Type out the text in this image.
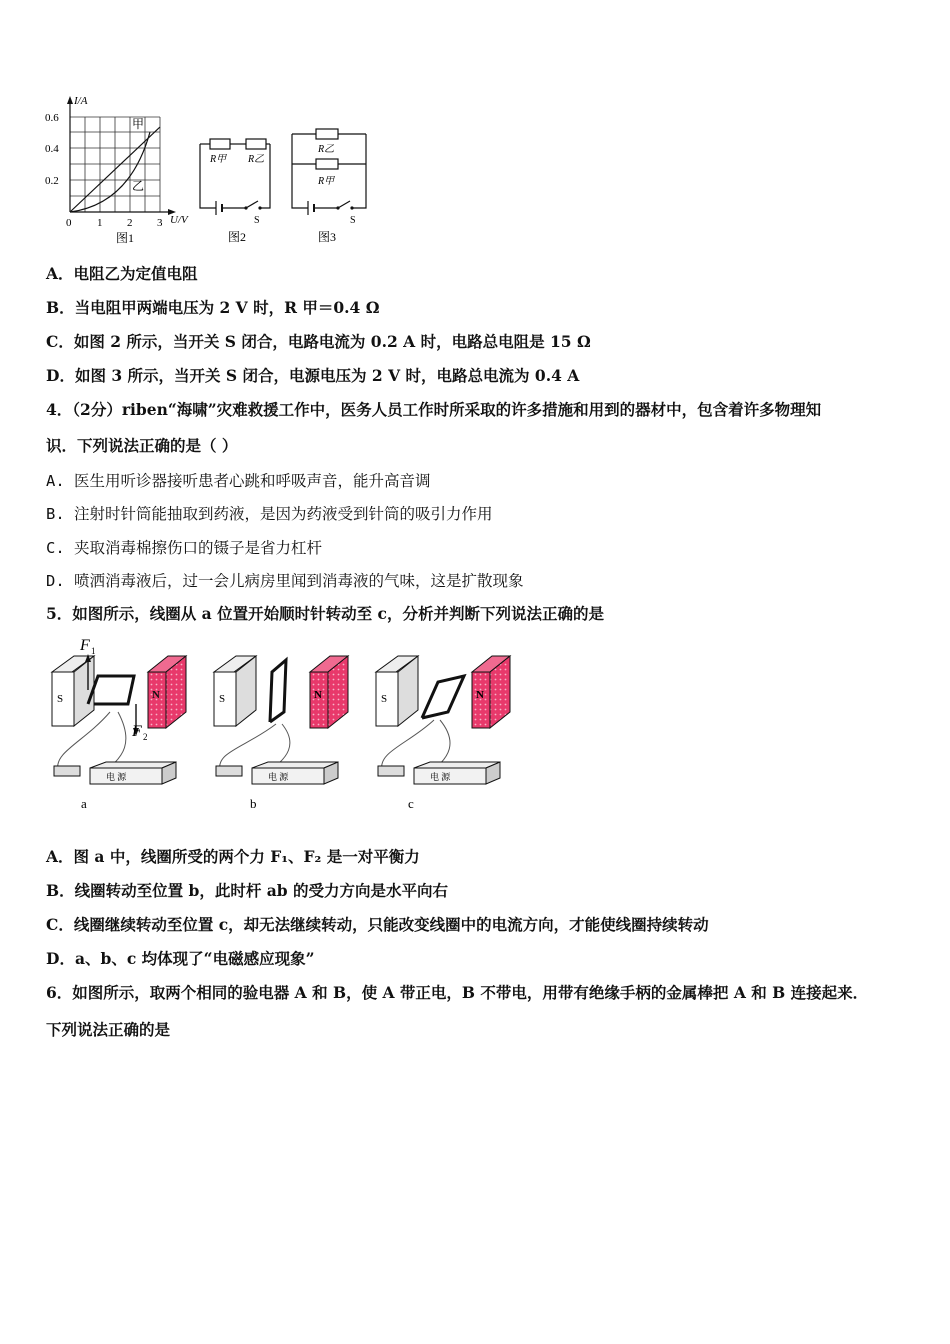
I/A
U/V
0.6
0.4
0.2
0 1 2 3
甲
乙
图1
R甲 R乙
S
图2
R乙
R甲
S
图3
A．电阻乙为定值电阻
B．当电阻甲两端电压为 2 V 时，R 甲＝0.4 Ω
C．如图 2 所示，当开关 S 闭合，电路电流为 0.2 A 时，电路总电阻是 15 Ω
D．如图 3 所示，当开关 S 闭合，电源电压为 2 V 时，电路总电流为 0.4 A
4．（2分）riben“海啸”灾难救援工作中，医务人员工作时所采取的许多措施和用到的器材中，包含着许多物理知
识．下列说法正确的是（ ）
A. 医生用听诊器接听患者心跳和呼吸声音，能升高音调
B. 注射时针筒能抽取到药液，是因为药液受到针筒的吸引力作用
C. 夹取消毒棉擦伤口的镊子是省力杠杆
D. 喷洒消毒液后，过一会儿病房里闻到消毒液的气味，这是扩散现象
5．如图所示，线圈从 a 位置开始顺时针转动至 c，分析并判断下列说法正确的是
S	N
F 1
F 2
电 源
a
S	N
电 源
b
S	N
电 源
c
A．图 a 中，线圈所受的两个力 F₁、F₂ 是一对平衡力
B．线圈转动至位置 b，此时杆 ab 的受力方向是水平向右
C．线圈继续转动至位置 c，却无法继续转动，只能改变线圈中的电流方向，才能使线圈持续转动
D．a、b、c 均体现了“电磁感应现象”
6．如图所示，取两个相同的验电器 A 和 B，使 A 带正电，B 不带电，用带有绝缘手柄的金属棒把 A 和 B 连接起来．
下列说法正确的是
